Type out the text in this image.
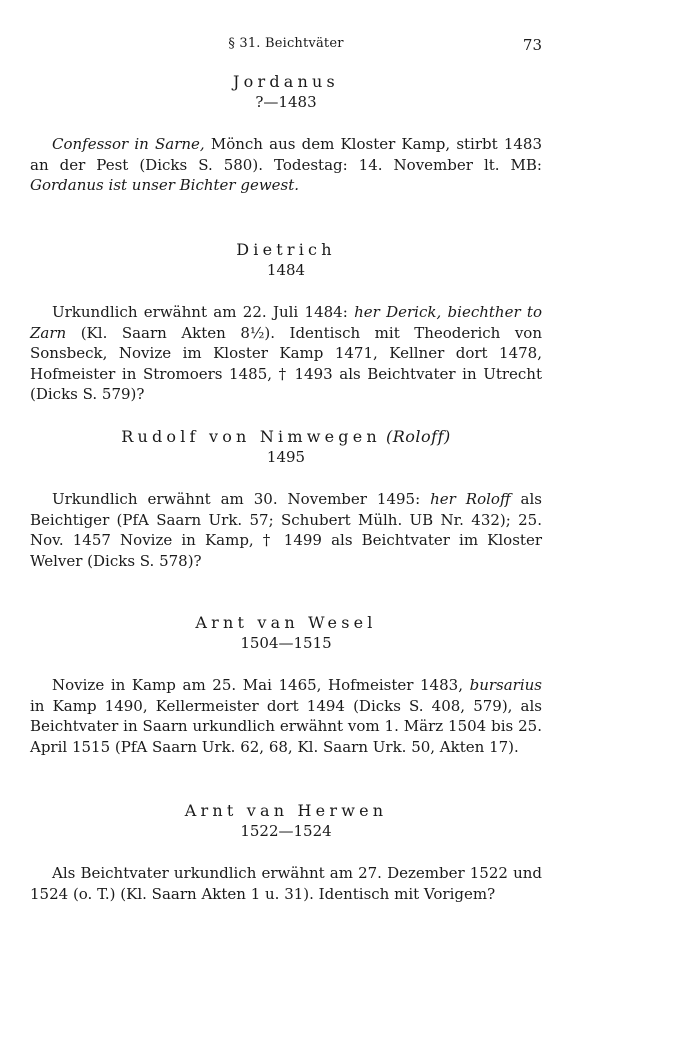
§ 31. Beichtväter	73
Jordanus
?—1483

Confessor in Sarne, Mönch aus dem Kloster Kamp, stirbt 1483 an der Pest (Dicks S. 580). Todestag: 14. November lt. MB: Gordanus ist unser Bichter gewest.

Dietrich
1484

Urkundlich erwähnt am 22. Juli 1484: her Derick, biechther to Zarn (Kl. Saarn Akten 8½). Identisch mit Theoderich von Sonsbeck, Novize im Kloster Kamp 1471, Kellner dort 1478, Hofmeister in Stromoers 1485, † 1493 als Beichtvater in Utrecht (Dicks S. 579)?

Rudolf von Nimwegen (Roloff)
1495

Urkundlich erwähnt am 30. November 1495: her Roloff als Beichtiger (PfA Saarn Urk. 57; Schubert Mülh. UB Nr. 432); 25. Nov. 1457 Novize in Kamp, † 1499 als Beichtvater im Kloster Welver (Dicks S. 578)?

Arnt van Wesel
1504—1515

Novize in Kamp am 25. Mai 1465, Hofmeister 1483, bursarius in Kamp 1490, Kellermeister dort 1494 (Dicks S. 408, 579), als Beichtvater in Saarn urkundlich erwähnt vom 1. März 1504 bis 25. April 1515 (PfA Saarn Urk. 62, 68, Kl. Saarn Urk. 50, Akten 17).

Arnt van Herwen
1522—1524

Als Beichtvater urkundlich erwähnt am 27. Dezember 1522 und 1524 (o. T.) (Kl. Saarn Akten 1 u. 31). Identisch mit Vorigem?
